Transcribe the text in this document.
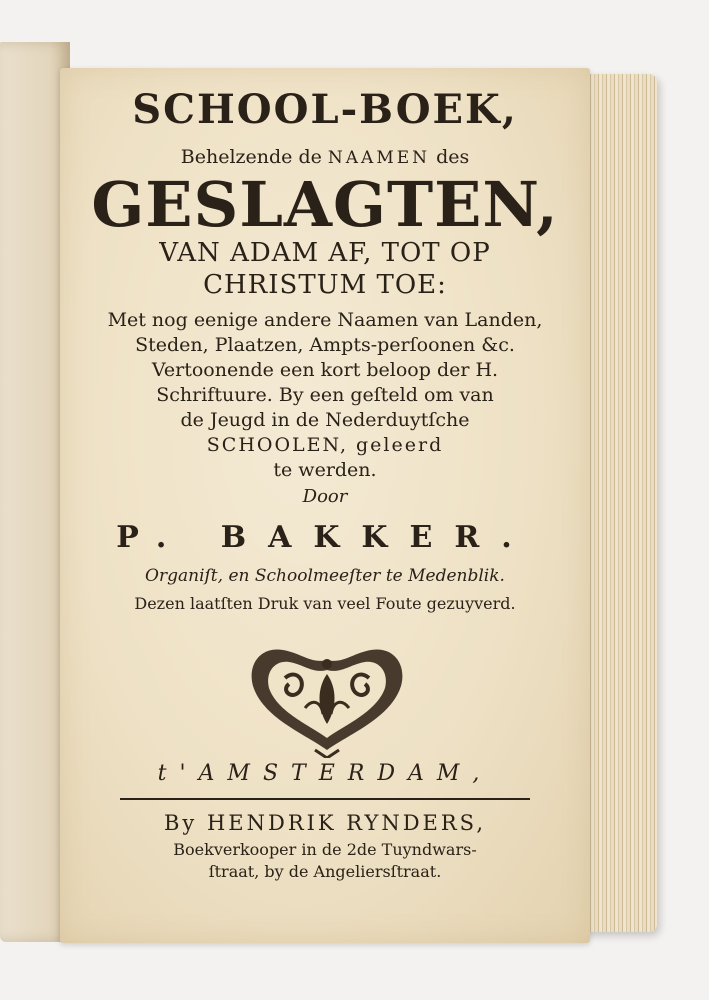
SCHOOL-BOEK,
Behelzende de NAAMEN des
GESLAGTEN,
VAN ADAM AF, TOT OP
CHRISTUM TOE:
Met nog eenige andere Naamen van Landen,
Steden, Plaatzen, Ampts-perſoonen &c.
Vertoonende een kort beloop der H.
Schriftuure. By een geſteld om van
de Jeugd in de Nederduytſche
SCHOOLEN, geleerd
te werden.
Door
P. BAKKER.
Organiſt, en Schoolmeeſter te Medenblik.
Dezen laatſten Druk van veel Foute gezuyverd.
t'AMSTERDAM,
By HENDRIK RYNDERS,
Boekverkooper in de 2de Tuyndwars-
ſtraat, by de Angeliersſtraat.
